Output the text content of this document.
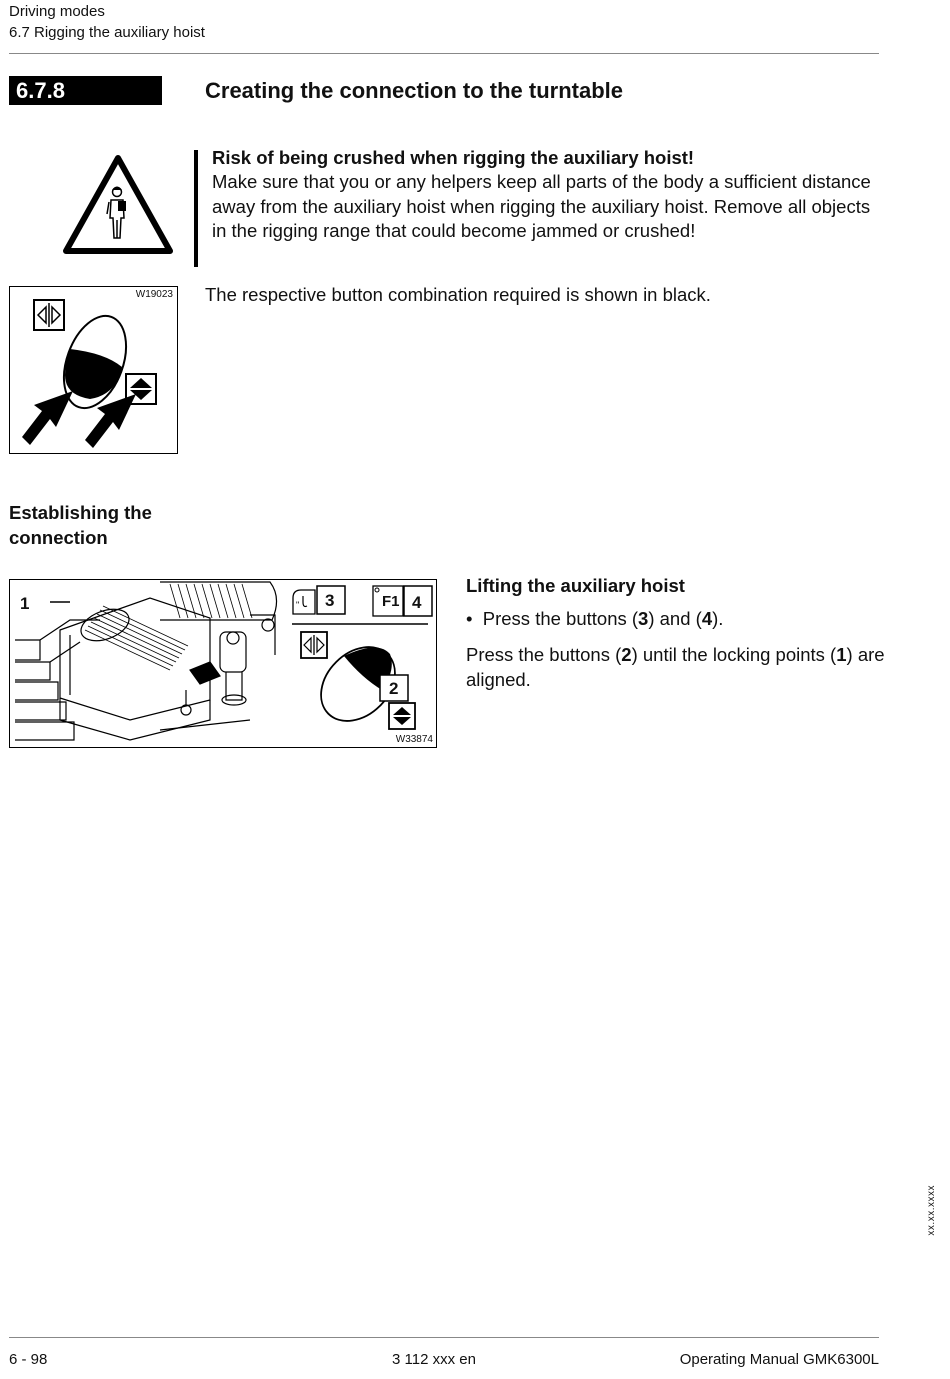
Driving modes
6.7 Rigging the auxiliary hoist
6.7.8	Creating the connection to the turntable

Risk of being crushed when rigging the auxiliary hoist!

Make sure that you or any helpers keep all parts of the body a sufficient distance away from the auxiliary hoist when rigging the auxiliary hoist. Remove all objects in the rigging range that could become jammed or crushed!

W19023 The respective button combination required is shown in black.
Establishing the connection
"
1	3	F1 4
2
W33874
Lifting the auxiliary hoist
• Press the buttons (3) and (4).
Press the buttons (2) until the locking points (1) are aligned.
xx.xx.xxxx
6 - 98	3 112 xxx en	Operating Manual GMK6300L
